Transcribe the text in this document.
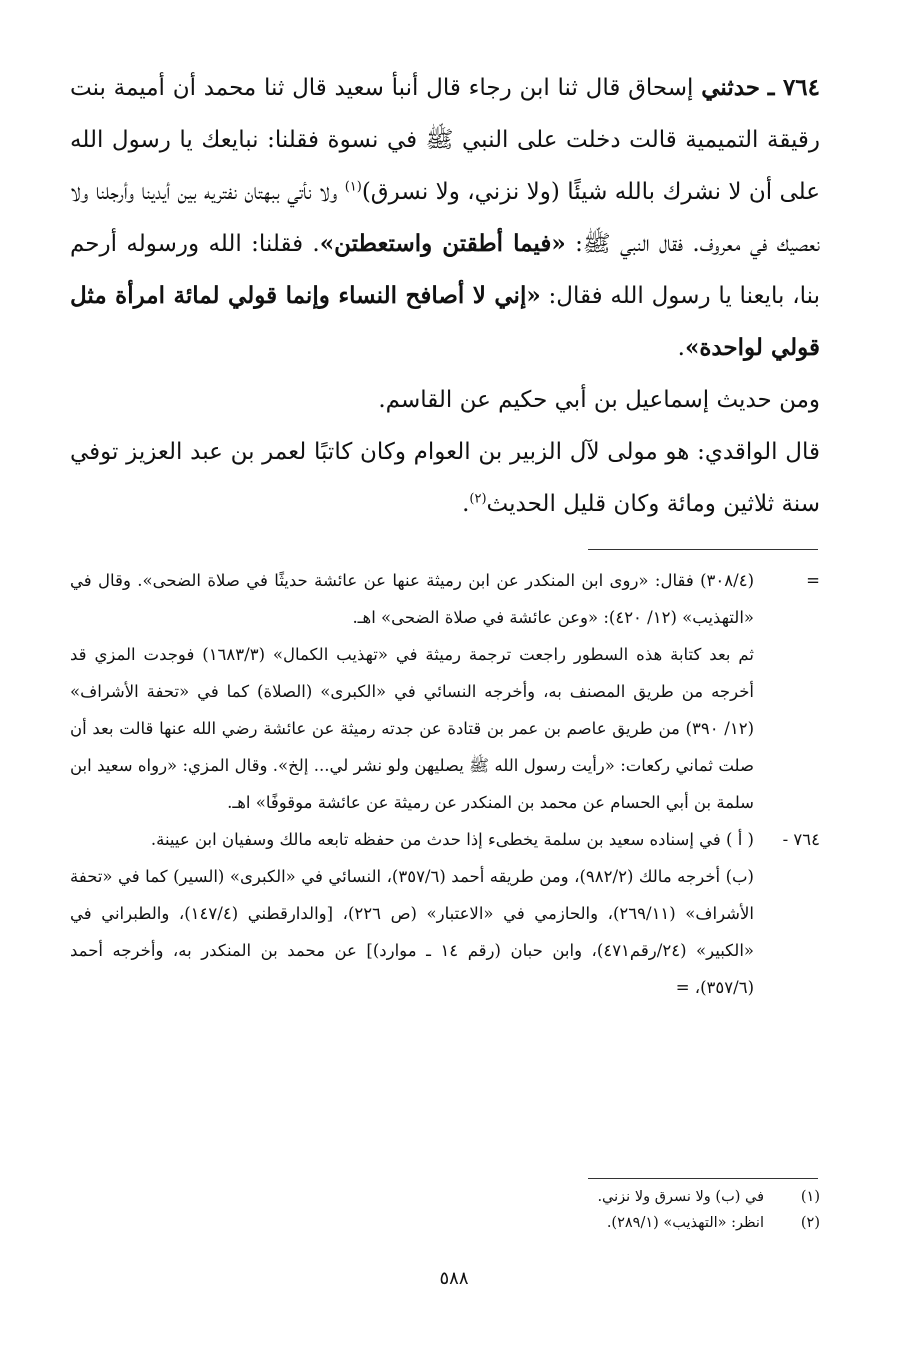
٧٦٤ ـ حدثني إسحاق قال ثنا ابن رجاء قال أنبأ سعيد قال ثنا محمد أن أميمة بنت رقيقة التميمية قالت دخلت على النبي ﷺ في نسوة فقلنا: نبايعك يا رسول الله على أن لا نشرك بالله شيئًا (ولا نزني، ولا نسرق)$^{(١)}$ ولا نأتي ببهتان نفتريه بين أيدينا وأرجلنا ولا نعصيك في معروف. فقال النبي ﷺ: «فيما أطقتن واستعطتن». فقلنا: الله ورسوله أرحم بنا، بايعنا يا رسول الله فقال: «إني لا أصافح النساء وإنما قولي لمائة امرأة مثل قولي لواحدة».

ومن حديث إسماعيل بن أبي حكيم عن القاسم.

قال الواقدي: هو مولى لآل الزبير بن العوام وكان كاتبًا لعمر بن عبد العزيز توفي سنة ثلاثين ومائة وكان قليل الحديث$^{(٢)}$.

=
(٣٠٨/٤) فقال: «روى ابن المنكدر عن ابن رميثة عنها عن عائشة حديثًا في صلاة الضحى». وقال في «التهذيب» (١٢/ ٤٢٠): «وعن عائشة في صلاة الضحى» اهـ.

ثم بعد كتابة هذه السطور راجعت ترجمة رميثة في «تهذيب الكمال» (١٦٨٣/٣) فوجدت المزي قد أخرجه من طريق المصنف به، وأخرجه النسائي في «الكبرى» (الصلاة) كما في «تحفة الأشراف» (١٢/ ٣٩٠) من طريق عاصم بن عمر بن قتادة عن جدته رميثة عن عائشة رضي الله عنها قالت بعد أن صلت ثماني ركعات: «رأيت رسول الله ﷺ يصليهن ولو نشر لي... إلخ». وقال المزي: «رواه سعيد ابن سلمة بن أبي الحسام عن محمد بن المنكدر عن رميثة عن عائشة موقوفًا» اهـ.

٧٦٤ -
( أ ) في إسناده سعيد بن سلمة يخطىء إذا حدث من حفظه تابعه مالك وسفيان ابن عيينة.

(ب) أخرجه مالك (٩٨٢/٢)، ومن طريقه أحمد (٣٥٧/٦)، النسائي في «الكبرى» (السير) كما في «تحفة الأشراف» (٢٦٩/١١)، والحازمي في «الاعتبار» (ص ٢٢٦)، [والدارقطني (١٤٧/٤)، والطبراني في «الكبير» (٢٤/رقم٤٧١)، وابن حبان (رقم ١٤ ـ موارد)] عن محمد بن المنكدر به، وأخرجه أحمد (٣٥٧/٦)، =

(١)
في (ب) ولا نسرق ولا نزني.
(٢)
انظر: «التهذيب» (٢٨٩/١).
٥٨٨
